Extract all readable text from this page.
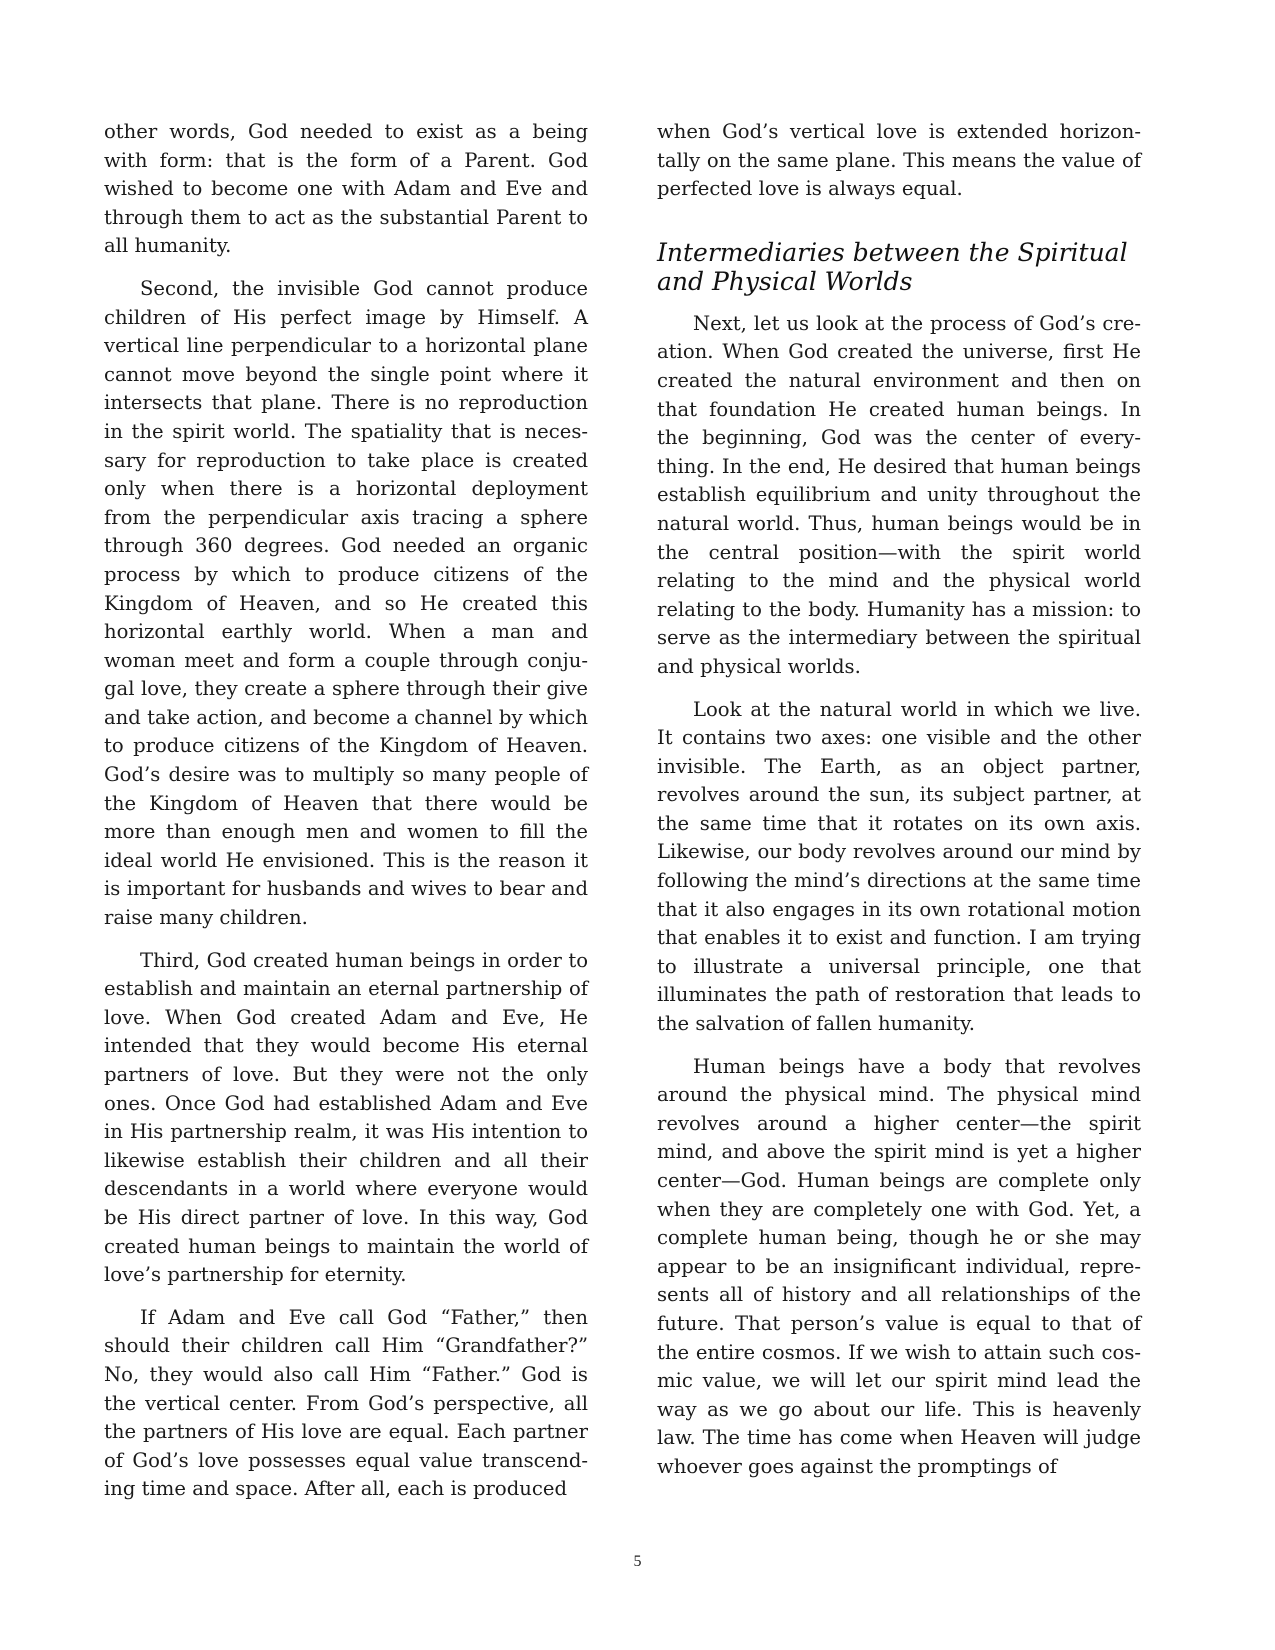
other words, God needed to exist as a being with form: that is the form of a Parent. God wished to become one with Adam and Eve and through them to act as the substantial Parent to all humanity.

Second, the invisible God cannot produce children of His perfect image by Himself. A vertical line perpendicular to a horizontal plane cannot move beyond the single point where it intersects that plane. There is no reproduction in the spirit world. The spatiality that is necessary for reproduction to take place is created only when there is a horizontal deployment from the perpendicular axis tracing a sphere through 360 degrees. God needed an organic process by which to produce citizens of the Kingdom of Heaven, and so He created this horizontal earthly world. When a man and woman meet and form a couple through conjugal love, they create a sphere through their give and take action, and become a channel by which to produce citizens of the Kingdom of Heaven. God’s desire was to multiply so many people of the Kingdom of Heaven that there would be more than enough men and women to fill the ideal world He envisioned. This is the reason it is important for husbands and wives to bear and raise many children.

Third, God created human beings in order to establish and maintain an eternal partnership of love. When God created Adam and Eve, He intended that they would become His eternal partners of love. But they were not the only ones. Once God had established Adam and Eve in His partnership realm, it was His intention to likewise establish their children and all their descendants in a world where everyone would be His direct partner of love. In this way, God created human beings to maintain the world of love’s partnership for eternity.

If Adam and Eve call God “Father,” then should their children call Him “Grandfather?” No, they would also call Him “Father.” God is the vertical center. From God’s perspective, all the partners of His love are equal. Each partner of God’s love possesses equal value transcending time and space. After all, each is produced

when God’s vertical love is extended horizontally on the same plane. This means the value of perfected love is always equal.

Intermediaries between the Spiritual and Physical Worlds

Next, let us look at the process of God’s creation. When God created the universe, first He created the natural environment and then on that foundation He created human beings. In the beginning, God was the center of everything. In the end, He desired that human beings establish equilibrium and unity throughout the natural world. Thus, human beings would be in the central position—with the spirit world relating to the mind and the physical world relating to the body. Humanity has a mission: to serve as the intermediary between the spiritual and physical worlds.

Look at the natural world in which we live. It contains two axes: one visible and the other invisible. The Earth, as an object partner, revolves around the sun, its subject partner, at the same time that it rotates on its own axis. Likewise, our body revolves around our mind by following the mind’s directions at the same time that it also engages in its own rotational motion that enables it to exist and function. I am trying to illustrate a universal principle, one that illuminates the path of restoration that leads to the salvation of fallen humanity.

Human beings have a body that revolves around the physical mind. The physical mind revolves around a higher center—the spirit mind, and above the spirit mind is yet a higher center—God. Human beings are complete only when they are completely one with God. Yet, a complete human being, though he or she may appear to be an insignificant individual, represents all of history and all relationships of the future. That person’s value is equal to that of the entire cosmos. If we wish to attain such cosmic value, we will let our spirit mind lead the way as we go about our life. This is heavenly law. The time has come when Heaven will judge whoever goes against the promptings of

5
